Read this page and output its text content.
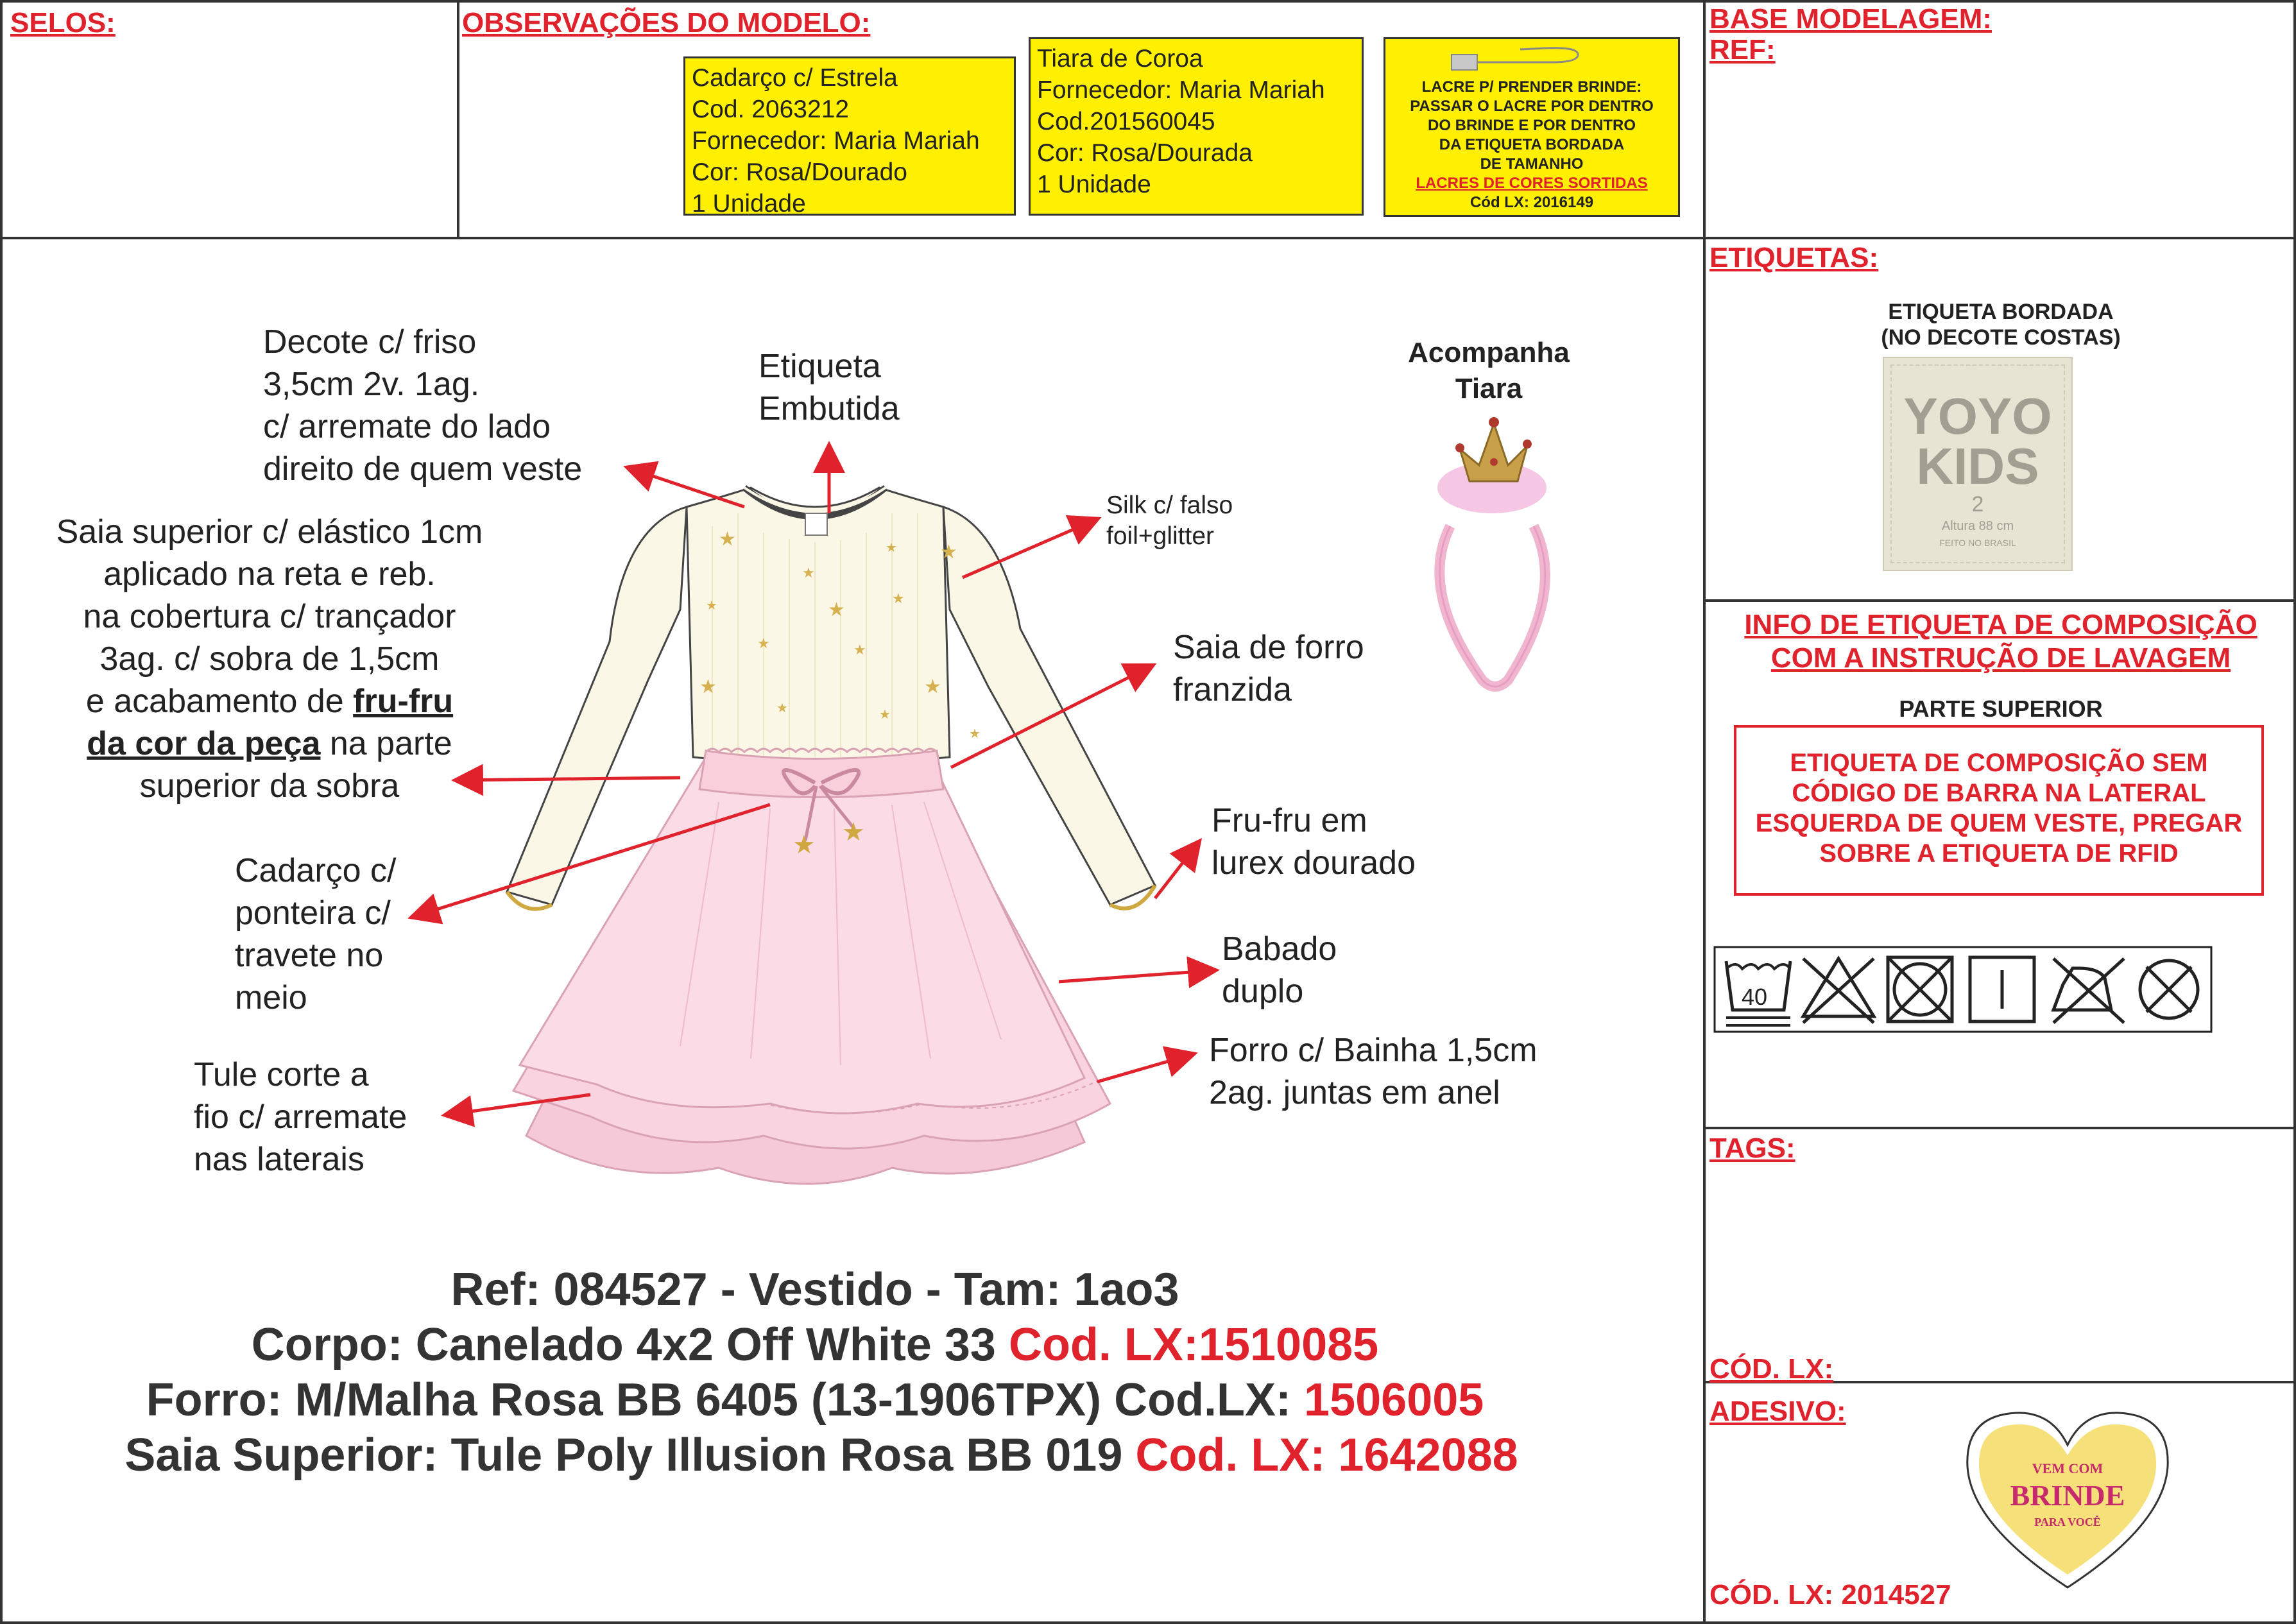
SELOS:	OBSERVAÇÕES DO MODELO:	BASE MODELAGEM:
REF:
ETIQUETAS:
TAGS:
CÓD. LX:
ADESIVO:
CÓD. LX: 2014527
Cadarço c/ Estrela
Cod. 2063212
Fornecedor: Maria Mariah
Cor: Rosa/Dourado
1 Unidade
Tiara de Coroa
Fornecedor: Maria Mariah
Cod.201560045
Cor: Rosa/Dourada
1 Unidade
LACRE P/ PRENDER BRINDE:
PASSAR O LACRE POR DENTRO
DO BRINDE E POR DENTRO
DA ETIQUETA BORDADA
DE TAMANHO
LACRES DE CORES SORTIDAS
Cód LX: 2016149
★
★
★ ★
★	★
★
★	★
★	★
★	★
★
★ ★
Decote c/ friso
3,5cm 2v. 1ag.
c/ arremate do lado
direito de quem veste
Etiqueta
Embutida
Silk c/ falso
foil+glitter
Saia superior c/ elástico 1cm
aplicado na reta e reb.
na cobertura c/ trançador
3ag. c/ sobra de 1,5cm
e acabamento de fru-fru
da cor da peça na parte
superior da sobra
Saia de forro
franzida
Fru-fru em
lurex dourado
Cadarço c/
ponteira c/
travete no
meio
Babado
duplo
Tule corte a
fio c/ arremate
nas laterais
Forro c/ Bainha 1,5cm
2ag. juntas em anel
Acompanha
Tiara
Ref: 084527 - Vestido - Tam: 1ao3
Corpo: Canelado 4x2 Off White 33 Cod. LX:1510085
Forro: M/Malha Rosa BB 6405 (13-1906TPX) Cod.LX: 1506005
Saia Superior: Tule Poly Illusion Rosa BB 019 Cod. LX: 1642088
ETIQUETA BORDADA
(NO DECOTE COSTAS)
YOYO
KIDS
2
Altura 88 cm
FEITO NO BRASIL
INFO DE ETIQUETA DE COMPOSIÇÃO
COM A INSTRUÇÃO DE LAVAGEM
PARTE SUPERIOR
ETIQUETA DE COMPOSIÇÃO SEM
CÓDIGO DE BARRA NA LATERAL
ESQUERDA DE QUEM VESTE, PREGAR
SOBRE A ETIQUETA DE RFID
40
VEM COM
BRINDE
PARA VOCÊ
